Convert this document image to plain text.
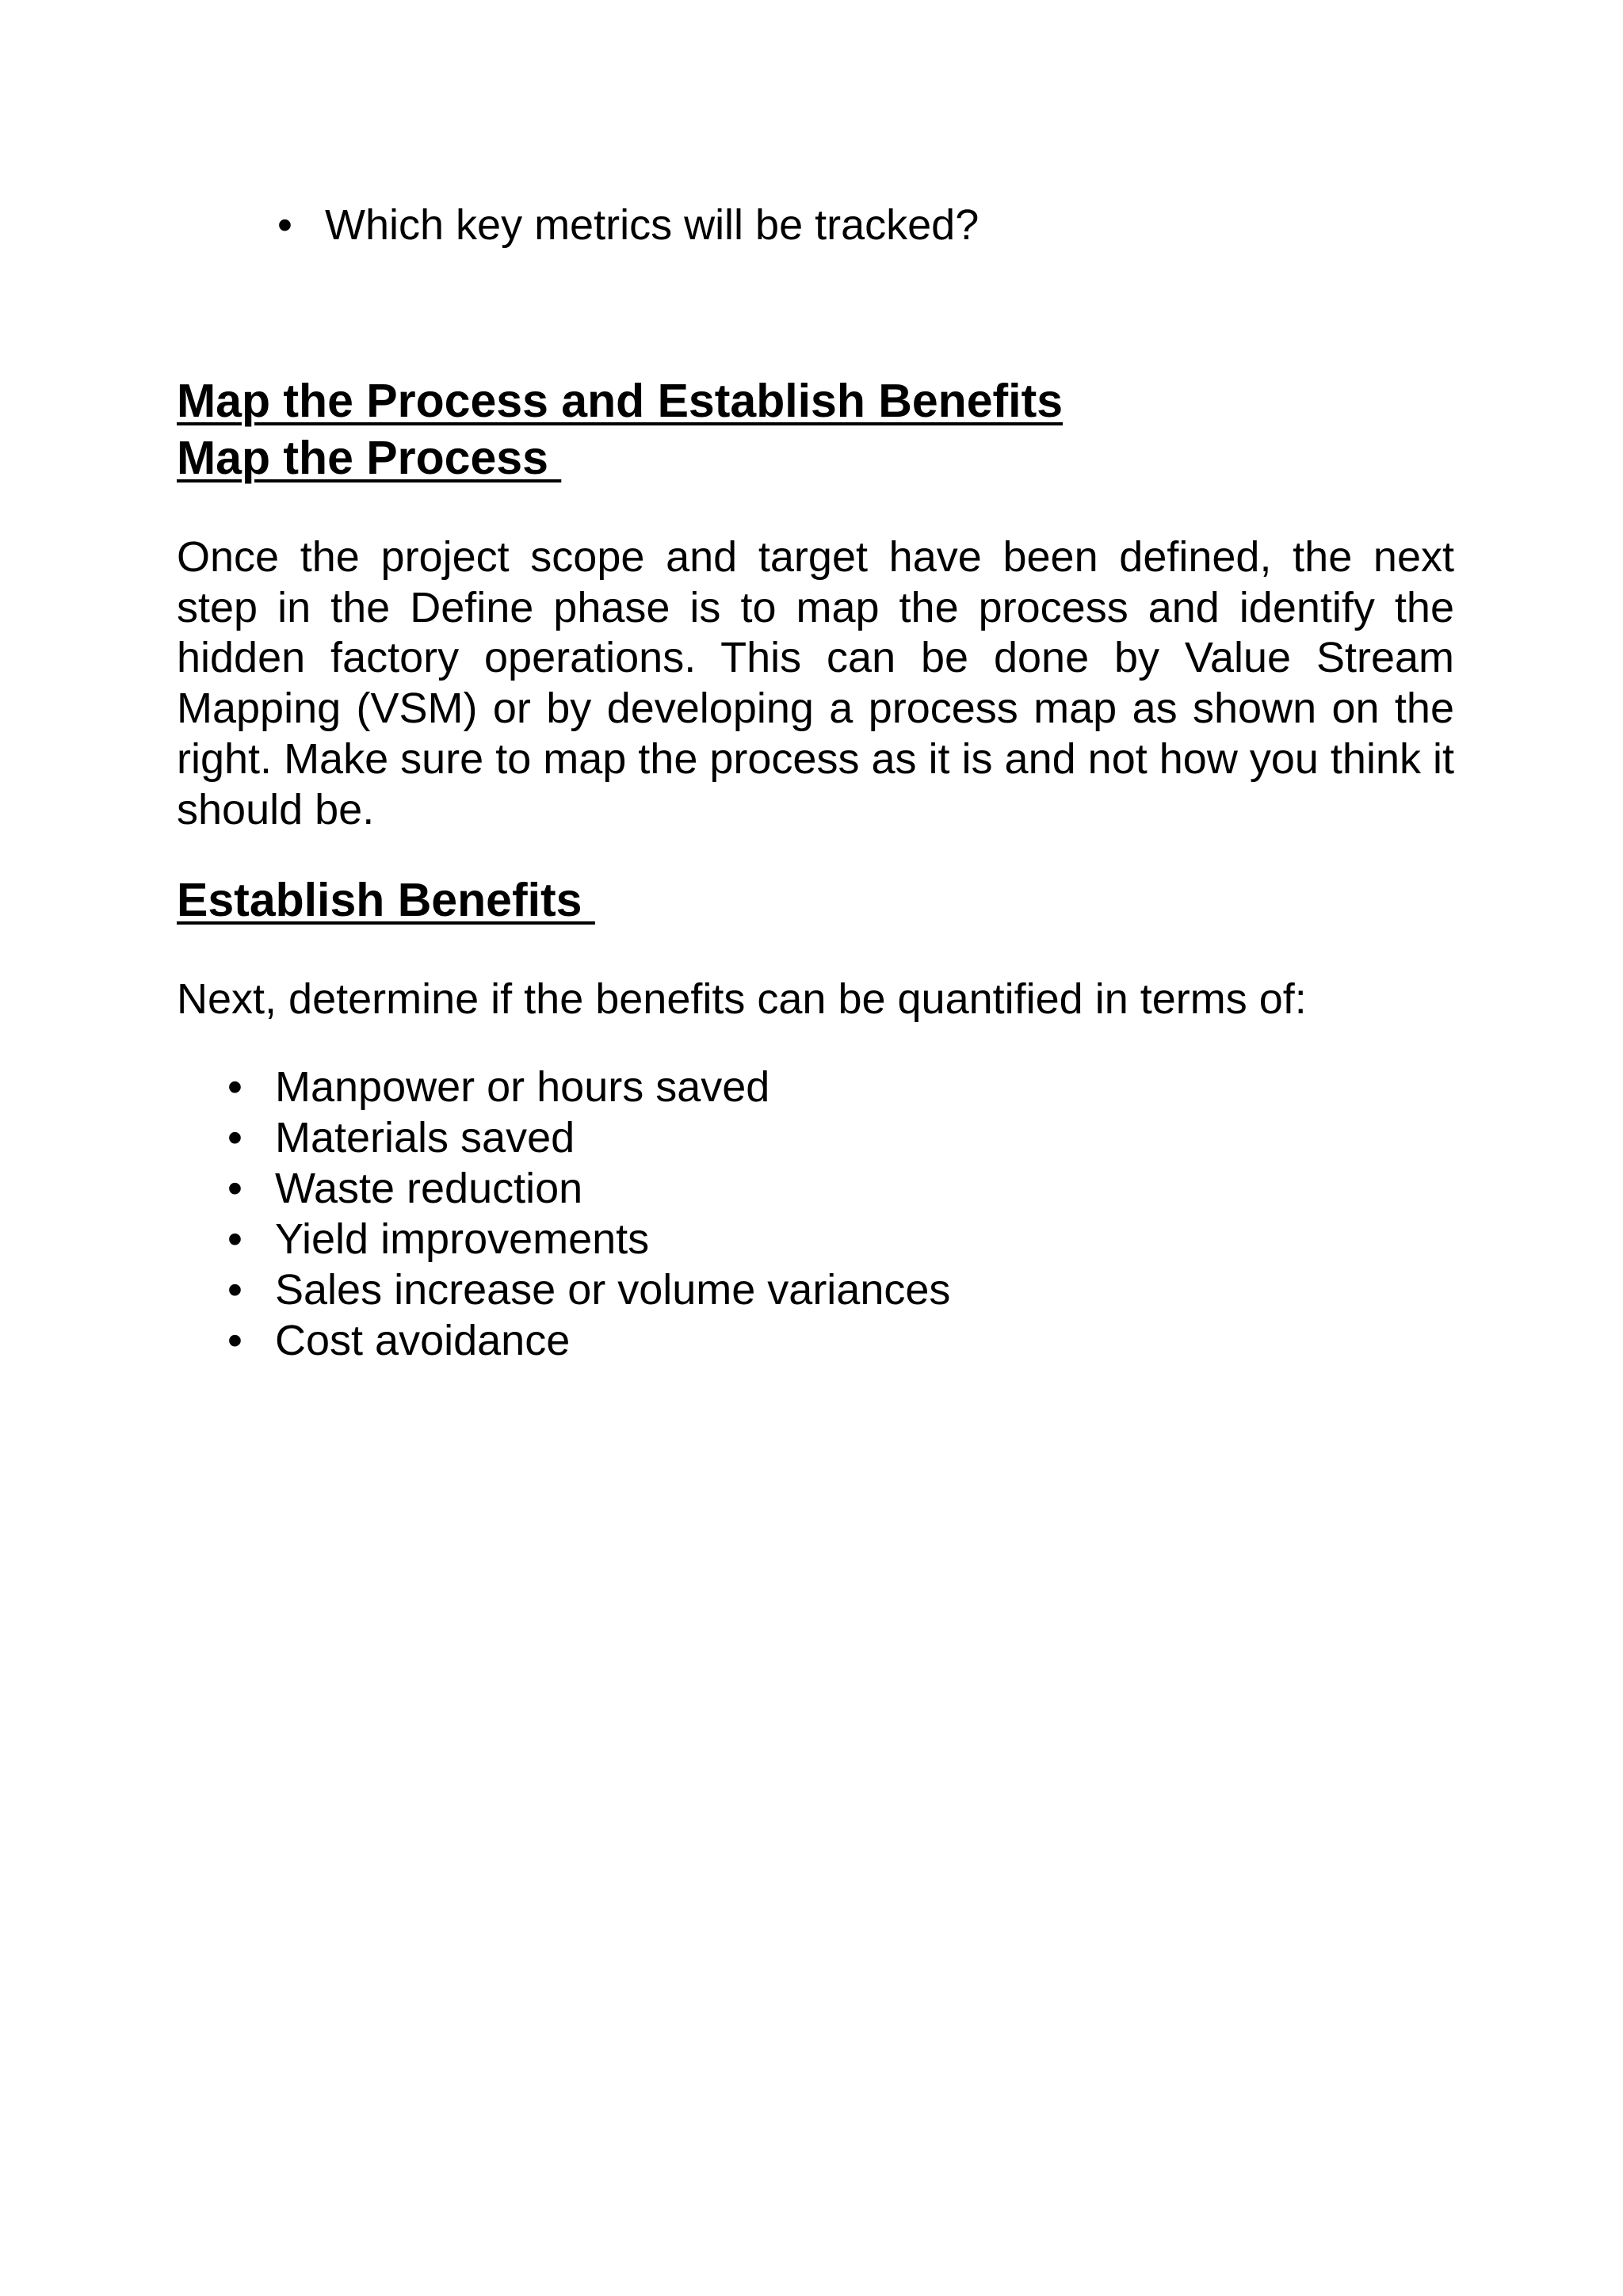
• Which key metrics will be tracked?
Map the Process and Establish Benefits
Map the Process

Once the project scope and target have been defined, the next step in the Define phase is to map the process and identify the hidden factory operations. This can be done by Value Stream Mapping (VSM) or by developing a process map as shown on the right. Make sure to map the process as it is and not how you think it should be.

Establish Benefits

Next, determine if the benefits can be quantified in terms of:

• Manpower or hours saved
• Materials saved
• Waste reduction
• Yield improvements
• Sales increase or volume variances
• Cost avoidance
